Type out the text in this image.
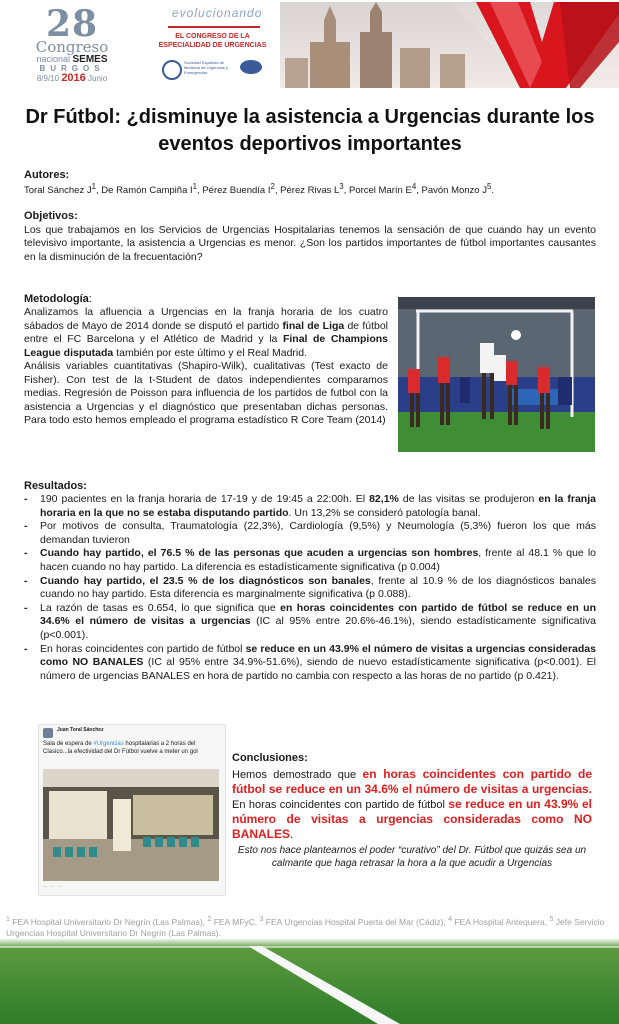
28
Congreso
nacional SEMES
BURGOS
8/9/10 2016 Junio
evolucionando
EL CONGRESO DE LA
ESPECIALIDAD DE URGENCIAS
Sociedad Española de Medicina de Urgencias y Emergencias
Dr Fútbol: ¿disminuye la asistencia a Urgencias durante los eventos deportivos importantes
Autores:
Toral Sánchez $J^1$, De Ramón Campiña $I^1$, Pérez Buendía $I^2$, Pérez Rivas $L^3$, Porcel Marín $E^4$, Pavón Monzo $J^5$.
Objetivos:

Los que trabajamos en los Servicios de Urgencias Hospitalarias tenemos la sensación de que cuando hay un evento televisivo importante, la asistencia a Urgencias es menor. ¿Son los partidos importantes de fútbol importantes causantes en la disminución de la frecuentación?

Metodología:

Analizamos la afluencia a Urgencias en la franja horaria de los cuatro sábados de Mayo de 2014 donde se disputó el partido final de Liga de fútbol entre el FC Barcelona y el Atlético de Madrid y la Final de Champions League disputada también por este último y el Real Madrid.

Análisis variables cuantitativas (Shapiro-Wilk), cualitativas (Test exacto de Fisher). Con test de la t-Student de datos independientes comparamos medias. Regresión de Poisson para influencia de los partidos de futbol con la asistencia a Urgencias y el diagnóstico que presentaban dichas personas. Para todo esto hemos empleado el programa estadístico R Core Team (2014)

Resultados:
- 190 pacientes en la franja horaria de 17-19 y de 19:45 a 22:00h. El 82,1% de las visitas se produjeron en la franja horaria en la que no se estaba disputando partido. Un 13,2% se consideró patología banal.
- Por motivos de consulta, Traumatología (22,3%), Cardiología (9,5%) y Neumología (5,3%) fueron los que más demandan tuvieron
- Cuando hay partido, el 76.5 % de las personas que acuden a urgencias son hombres, frente al 48.1 % que lo hacen cuando no hay partido. La diferencia es estadísticamente significativa (p 0.004)
- Cuando hay partido, el 23.5 % de los diagnósticos son banales, frente al 10.9 % de los diagnósticos banales cuando no hay partido. Esta diferencia es marginalmente significativa (p 0.088).
- La razón de tasas es 0.654, lo que significa que en horas coincidentes con partido de fútbol se reduce en un 34.6% el número de visitas a urgencias (IC al 95% entre 20.6%-46.1%), siendo estadísticamente significativa (p<0.001).
- En horas coincidentes con partido de fútbol se reduce en un 43.9% el número de visitas a urgencias consideradas como NO BANALES (IC al 95% entre 34.9%-51.6%), siendo de nuevo estadísticamente significativa (p<0.001). El número de urgencias BANALES en hora de partido no cambia con respecto a las horas de no partido (p 0.421).
Juan Toral Sánchez
Sala de espera de #Urgencias hospitalarias a 2 horas del Clasico...la efectividad del Dr Fútbol vuelve a meter un gol
— · — · —
Conclusiones:

Hemos demostrado que en horas coincidentes con partido de fútbol se reduce en un 34.6% el número de visitas a urgencias. En horas coincidentes con partido de fútbol se reduce en un 43.9% el número de visitas a urgencias consideradas como NO BANALES.

Esto nos hace plantearnos el poder “curativo” del Dr. Fútbol que quizás sea un calmante que haga retrasar la hora a la que acudir a Urgencias

$^1$ FEA Hospital Universitario Dr Negrín (Las Palmas), $^2$ FEA MFyC, $^3$ FEA Urgencias Hospital Puerta del Mar (Cádiz), $^4$ FEA Hospital Antequera, $^5$ Jefe Servicio Urgencias Hospital Universitario Dr Negrín (Las Palmas).
